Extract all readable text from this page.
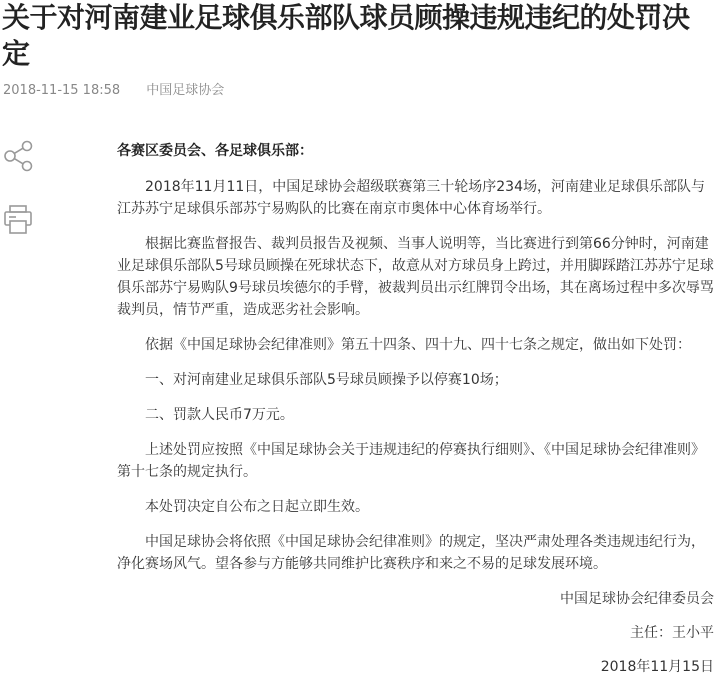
关于对河南建业足球俱乐部队球员顾操违规违纪的处罚决定
2018-11-15 18:58 中国足球协会

各赛区委员会、各足球俱乐部：

2018年11月11日，中国足球协会超级联赛第三十轮场序234场，河南建业足球俱乐部队与江苏苏宁足球俱乐部苏宁易购队的比赛在南京市奥体中心体育场举行。

根据比赛监督报告、裁判员报告及视频、当事人说明等，当比赛进行到第66分钟时，河南建业足球俱乐部队5号球员顾操在死球状态下，故意从对方球员身上跨过，并用脚踩踏江苏苏宁足球俱乐部苏宁易购队9号球员埃德尔的手臂，被裁判员出示红牌罚令出场，其在离场过程中多次辱骂裁判员，情节严重，造成恶劣社会影响。

依据《中国足球协会纪律准则》第五十四条、四十九、四十七条之规定，做出如下处罚：

一、对河南建业足球俱乐部队5号球员顾操予以停赛10场；

二、罚款人民币7万元。

上述处罚应按照《中国足球协会关于违规违纪的停赛执行细则》、《中国足球协会纪律准则》第十七条的规定执行。

本处罚决定自公布之日起立即生效。

中国足球协会将依照《中国足球协会纪律准则》的规定，坚决严肃处理各类违规违纪行为，净化赛场风气。望各参与方能够共同维护比赛秩序和来之不易的足球发展环境。

中国足球协会纪律委员会

主任：王小平

2018年11月15日
